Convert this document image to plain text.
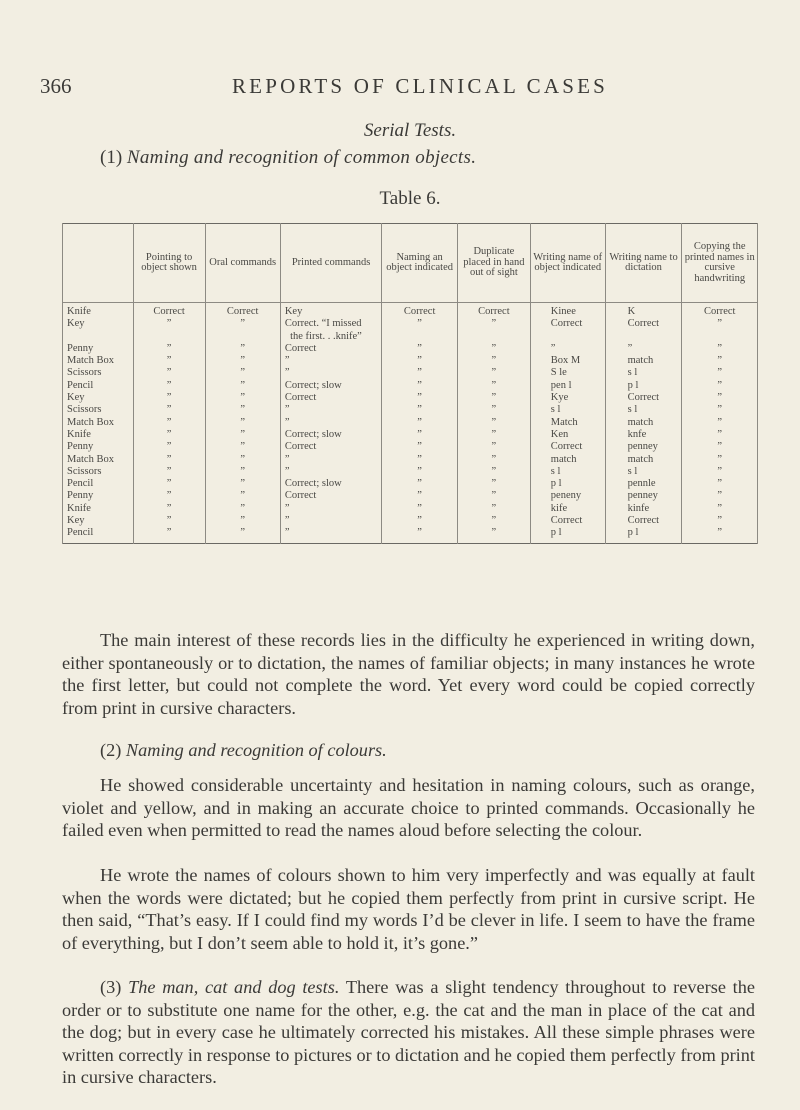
366	REPORTS OF CLINICAL CASES
Serial Tests.
(1) Naming and recognition of common objects.
Table 6.
	Pointing to object shown	Oral commands	Printed commands	Naming an object indicated	Duplicate placed in hand out of sight	Writing name of object indicated	Writing name to dictation	Copying the printed names in cursive handwriting
Knife	Correct	Correct	Key	Correct	Correct	Kinee	K	Correct
Key	”	”	Correct. “I missed
the first. . .knife”	”	”	Correct	Correct	”
Penny	”	”	Correct	”	”	”	”	”
Match Box	”	”	”	”	”	Box M	match	”
Scissors	”	”	”	”	”	S le	s l	”
Pencil	”	”	Correct; slow	”	”	pen l	p l	”
Key	”	”	Correct	”	”	Kye	Correct	”
Scissors	”	”	”	”	”	s l	s l	”
Match Box	”	”	”	”	”	Match	match	”
Knife	”	”	Correct; slow	”	”	Ken	knfe	”
Penny	”	”	Correct	”	”	Correct	penney	”
Match Box	”	”	”	”	”	match	match	”
Scissors	”	”	”	”	”	s l	s l	”
Pencil	”	”	Correct; slow	”	”	p l	pennle	”
Penny	”	”	Correct	”	”	peneny	penney	”
Knife	”	”	”	”	”	kife	kinfe	”
Key	”	”	”	”	”	Correct	Correct	”
Pencil	”	”	”	”	”	p l	p l	”
The main interest of these records lies in the difficulty he experienced in writing down, either spontaneously or to dictation, the names of familiar objects; in many instances he wrote the first letter, but could not complete the word. Yet every word could be copied correctly from print in cursive characters.
(2) Naming and recognition of colours.
He showed considerable uncertainty and hesitation in naming colours, such as orange, violet and yellow, and in making an accurate choice to printed commands. Occasionally he failed even when permitted to read the names aloud before selecting the colour.
He wrote the names of colours shown to him very imperfectly and was equally at fault when the words were dictated; but he copied them perfectly from print in cursive script. He then said, “That’s easy. If I could find my words I’d be clever in life. I seem to have the frame of everything, but I don’t seem able to hold it, it’s gone.”
(3) The man, cat and dog tests. There was a slight tendency throughout to reverse the order or to substitute one name for the other, e.g. the cat and the man in place of the cat and the dog; but in every case he ultimately corrected his mistakes. All these simple phrases were written correctly in response to pictures or to dictation and he copied them perfectly from print in cursive characters.
